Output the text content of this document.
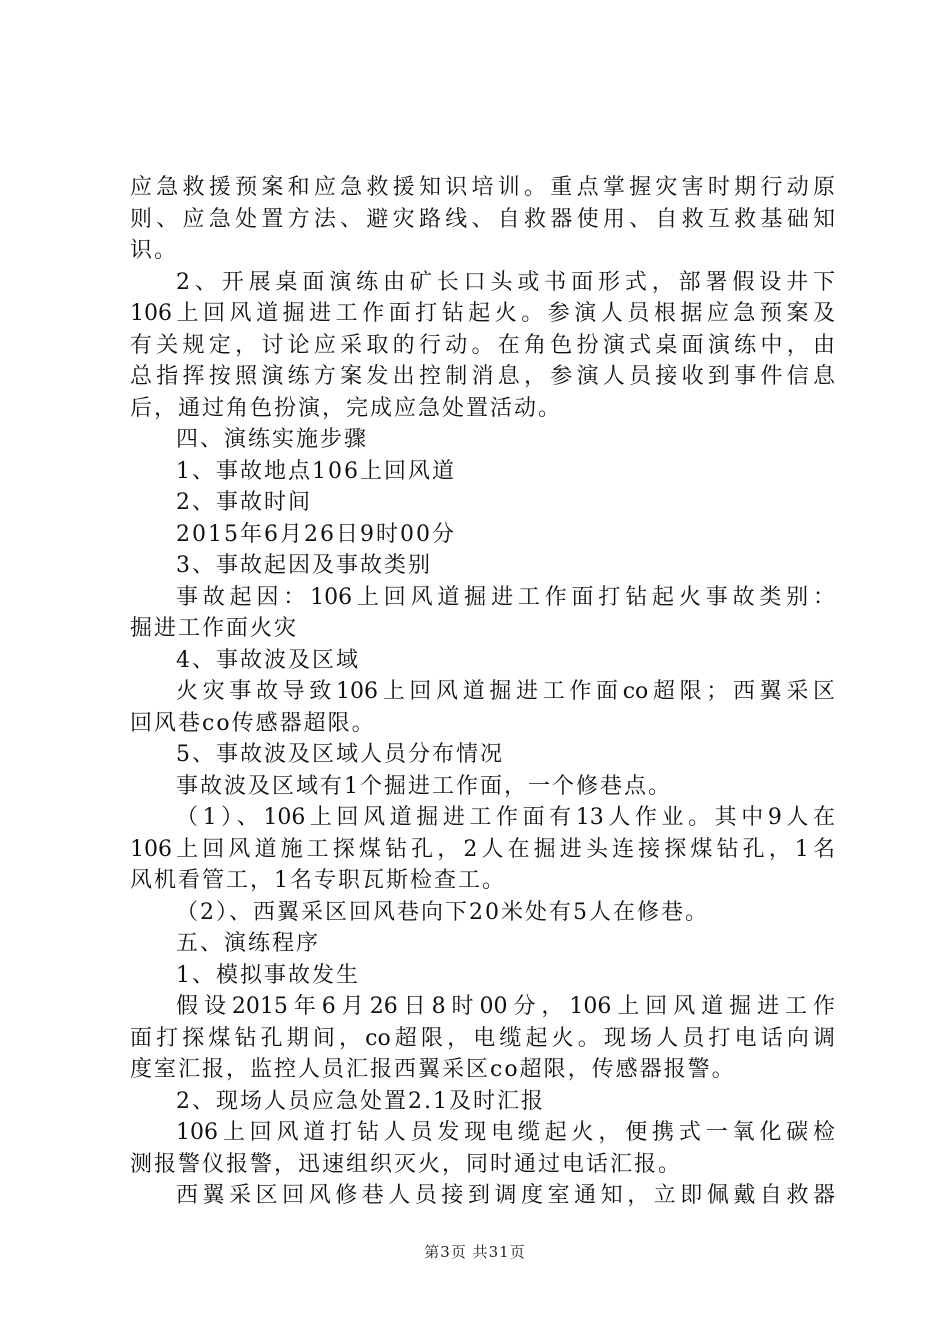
应急救援预案和应急救援知识培训。重点掌握灾害时期行动原
则、应急处置方法、避灾路线、自救器使用、自救互救基础知
识。
2、开展桌面演练由矿长口头或书面形式，部署假设井下
106上回风道掘进工作面打钻起火。参演人员根据应急预案及
有关规定，讨论应采取的行动。在角色扮演式桌面演练中，由
总指挥按照演练方案发出控制消息，参演人员接收到事件信息
后，通过角色扮演，完成应急处置活动。
四、演练实施步骤
1、事故地点106上回风道
2、事故时间
2015年6月26日9时00分
3、事故起因及事故类别
事故起因：106上回风道掘进工作面打钻起火事故类别：
掘进工作面火灾
4、事故波及区域
火灾事故导致106上回风道掘进工作面co超限；西翼采区
回风巷co传感器超限。
5、事故波及区域人员分布情况
事故波及区域有1个掘进工作面，一个修巷点。
（1）、106上回风道掘进工作面有13人作业。其中9人在
106上回风道施工探煤钻孔，2人在掘进头连接探煤钻孔，1名
风机看管工，1名专职瓦斯检查工。
（2）、西翼采区回风巷向下20米处有5人在修巷。
五、演练程序
1、模拟事故发生
假设2015年6月26日8时00分，106上回风道掘进工作
面打探煤钻孔期间，co超限，电缆起火。现场人员打电话向调
度室汇报，监控人员汇报西翼采区co超限，传感器报警。
2、现场人员应急处置2.1及时汇报
106上回风道打钻人员发现电缆起火，便携式一氧化碳检
测报警仪报警，迅速组织灭火，同时通过电话汇报。
西翼采区回风修巷人员接到调度室通知，立即佩戴自救器
第3页 共31页
